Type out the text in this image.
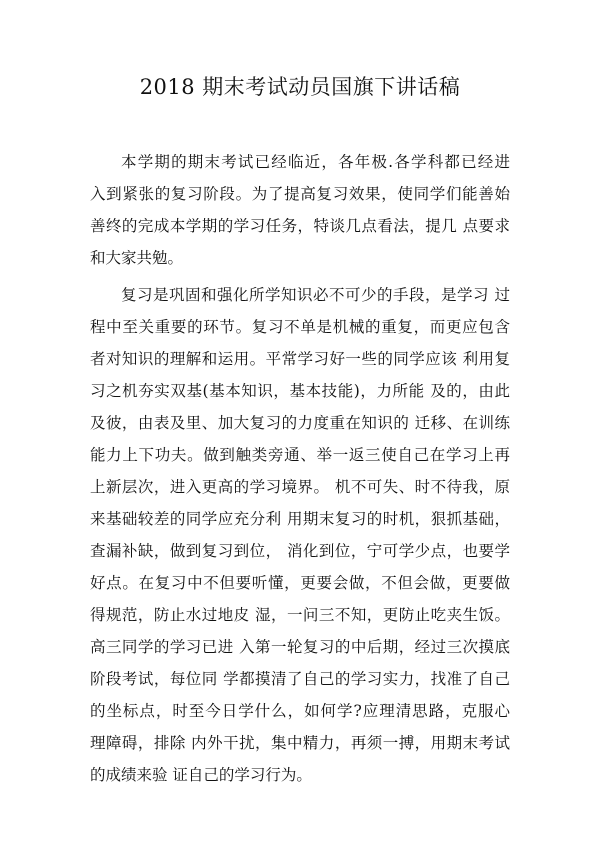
2018 期末考试动员国旗下讲话稿
本学期的期末考试已经临近，各年极.各学科都已经进
入到紧张的复习阶段。为了提高复习效果，使同学们能善始
善终的完成本学期的学习任务，特谈几点看法，提几 点要求
和大家共勉。
复习是巩固和强化所学知识必不可少的手段，是学习 过
程中至关重要的环节。复习不单是机械的重复，而更应包含
者对知识的理解和运用。平常学习好一些的同学应该 利用复
习之机夯实双基(基本知识，基本技能)，力所能 及的，由此
及彼，由表及里、加大复习的力度重在知识的 迁移、在训练
能力上下功夫。做到触类旁通、举一返三使自己在学习上再
上新层次，进入更高的学习境界。 机不可失、时不待我，原
来基础较差的同学应充分利 用期末复习的时机，狠抓基础，
查漏补缺，做到复习到位， 消化到位，宁可学少点，也要学
好点。在复习中不但要听懂，更要会做，不但会做，更要做
得规范，防止水过地皮 湿，一问三不知，更防止吃夹生饭。
高三同学的学习已进 入第一轮复习的中后期，经过三次摸底
阶段考试，每位同 学都摸清了自己的学习实力，找准了自己
的坐标点，时至今日学什么，如何学?应理清思路，克服心
理障碍，排除 内外干扰，集中精力，再须一搏，用期末考试
的成绩来验 证自己的学习行为。
